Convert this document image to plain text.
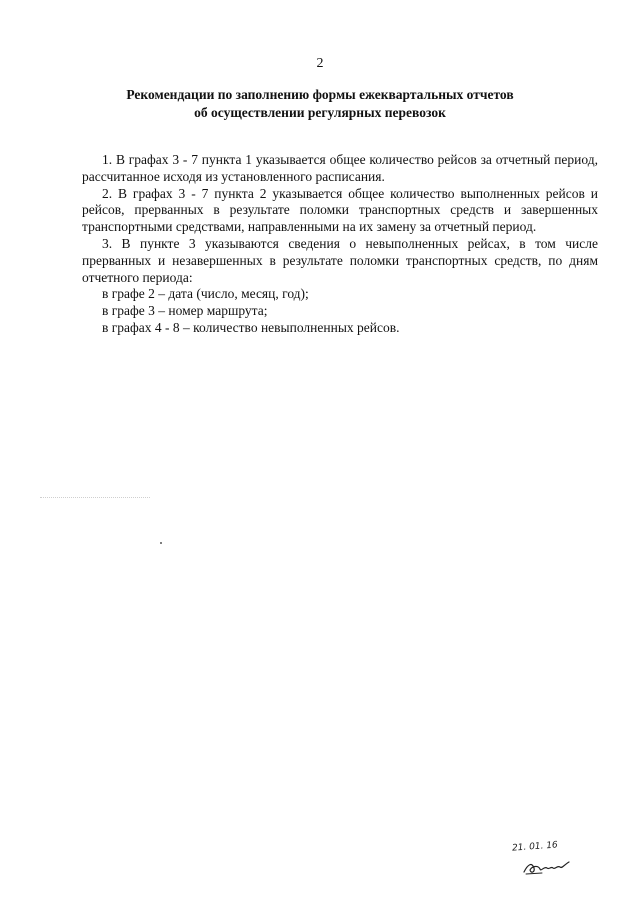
2
Рекомендации по заполнению формы ежеквартальных отчетов
об осуществлении регулярных перевозок

1. В графах 3 - 7 пункта 1 указывается общее количество рейсов за отчетный период, рассчитанное исходя из установленного расписания.

2. В графах 3 - 7 пункта 2 указывается общее количество выполненных рейсов и рейсов, прерванных в результате поломки транспортных средств и завершенных транспортными средствами, направленными на их замену за отчетный период.

3. В пункте 3 указываются сведения о невыполненных рейсах, в том числе прерванных и незавершенных в результате поломки транспортных средств, по дням отчетного периода:

в графе 2 – дата (число, месяц, год);

в графе 3 – номер маршрута;

в графах 4 - 8 – количество невыполненных рейсов.

21. 01. 16
